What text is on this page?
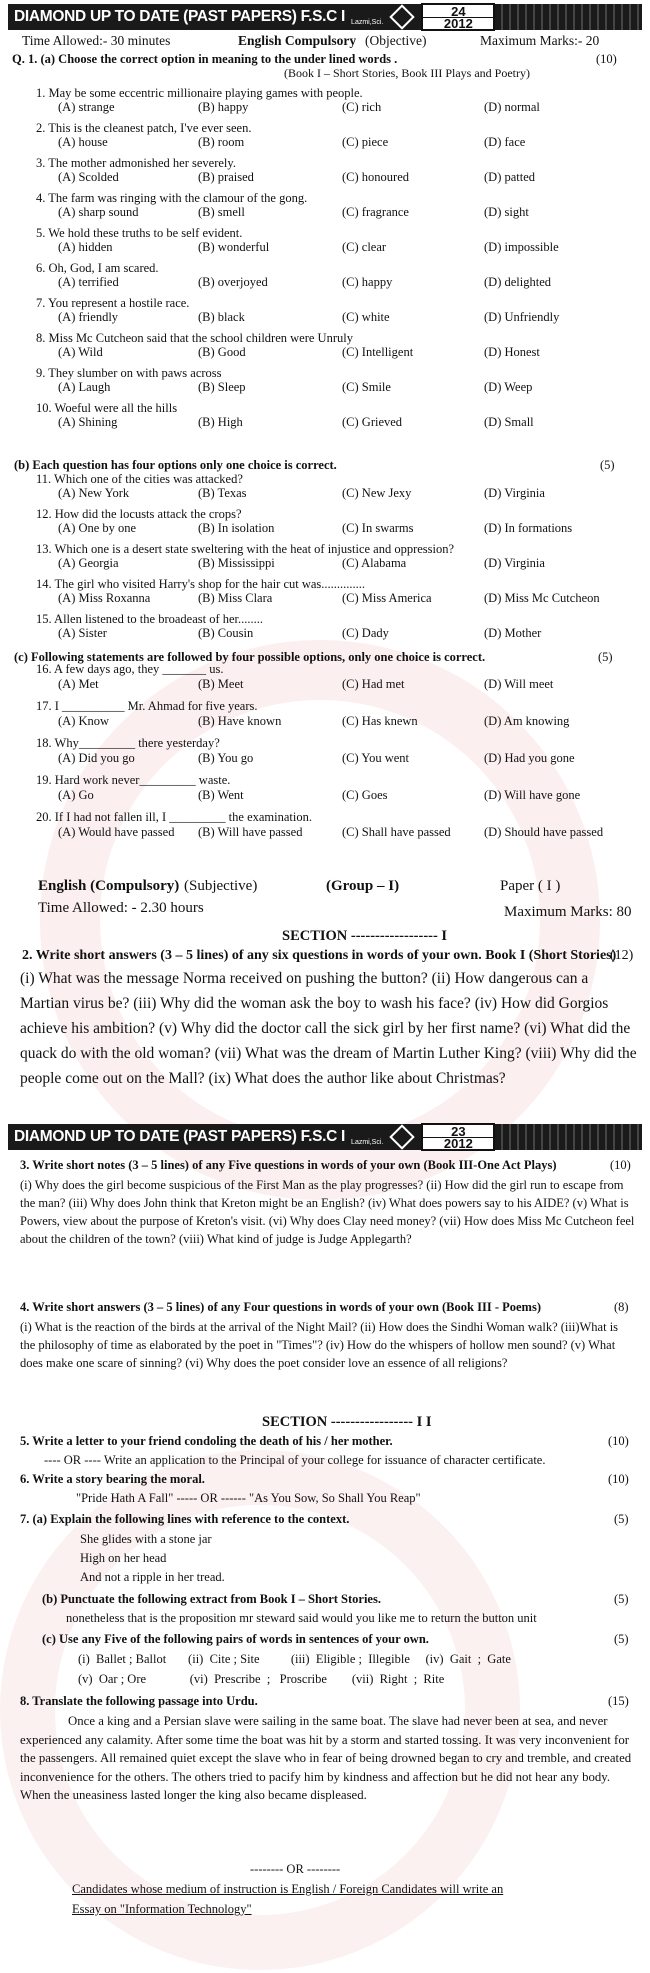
DIAMOND UP TO DATE (PAST PAPERS) F.S.C I Lazmi,Sci.
24
2012
Time Allowed:- 30 minutes	English Compulsory (Objective)	Maximum Marks:- 20
Q. 1. (a) Choose the correct option in meaning to the under lined words .	(10)
(Book I – Short Stories, Book III Plays and Poetry)
1. May be some eccentric millionaire playing games with people.
(A) strange	(B) happy	(C) rich	(D) normal
2. This is the cleanest patch, I've ever seen.
(A) house	(B) room	(C) piece	(D) face
3. The mother admonished her severely.
(A) Scolded	(B) praised	(C) honoured	(D) patted
4. The farm was ringing with the clamour of the gong.
(A) sharp sound	(B) smell	(C) fragrance	(D) sight
5. We hold these truths to be self evident.
(A) hidden	(B) wonderful	(C) clear	(D) impossible
6. Oh, God, I am scared.
(A) terrified	(B) overjoyed	(C) happy	(D) delighted
7. You represent a hostile race.
(A) friendly	(B) black	(C) white	(D) Unfriendly
8. Miss Mc Cutcheon said that the school children were Unruly
(A) Wild	(B) Good	(C) Intelligent	(D) Honest
9. They slumber on with paws across
(A) Laugh	(B) Sleep	(C) Smile	(D) Weep
10. Woeful were all the hills
(A) Shining	(B) High	(C) Grieved	(D) Small
11. Which one of the cities was attacked?
(A) New York	(B) Texas	(C) New Jexy	(D) Virginia
12. How did the locusts attack the crops?
(A) One by one	(B) In isolation	(C) In swarms	(D) In formations
13. Which one is a desert state sweltering with the heat of injustice and oppression?
(A) Georgia	(B) Mississippi	(C) Alabama	(D) Virginia
14. The girl who visited Harry's shop for the hair cut was..............
(A) Miss Roxanna	(B) Miss Clara	(C) Miss America	(D) Miss Mc Cutcheon
15. Allen listened to the broadeast of her........
(A) Sister	(B) Cousin	(C) Dady	(D) Mother
16. A few days ago, they _______ us.
(A) Met	(B) Meet	(C) Had met	(D) Will meet
17. I __________ Mr. Ahmad for five years.
(A) Know	(B) Have known	(C) Has knewn	(D) Am knowing
18. Why_________ there yesterday?
(A) Did you go	(B) You go	(C) You went	(D) Had you gone
19. Hard work never_________ waste.
(A) Go	(B) Went	(C) Goes	(D) Will have gone
20. If I had not fallen ill, I _________ the examination.
(A) Would have passed (B) Will have passed	(C) Shall have passed	(D) Should have passed
(b) Each question has four options only one choice is correct.	(5)
(c) Following statements are followed by four possible options, only one choice is correct.	(5)
English (Compulsory) (Subjective)	(Group – I)	Paper ( I )
Time Allowed: - 2.30 hours	Maximum Marks: 80
SECTION ------------------ I
2. Write short answers (3 – 5 lines) of any six questions in words of your own. Book I (Short Stories)
(12)
(i) What was the message Norma received on pushing the button? (ii) How dangerous can a Martian virus be? (iii) Why did the woman ask the boy to wash his face? (iv) How did Gorgios achieve his ambition? (v) Why did the doctor call the sick girl by her first name? (vi) What did the quack do with the old woman? (vii) What was the dream of Martin Luther King? (viii) Why did the people come out on the Mall? (ix) What does the author like about Christmas?
DIAMOND UP TO DATE (PAST PAPERS) F.S.C I Lazmi,Sci.
23
2012
3. Write short notes (3 – 5 lines) of any Five questions in words of your own (Book III-One Act Plays)	(10)
(i) Why does the girl become suspicious of the First Man as the play progresses? (ii) How did the girl run to escape from the man? (iii) Why does John think that Kreton might be an English? (iv) What does powers say to his AIDE? (v) What is Powers, view about the purpose of Kreton's visit. (vi) Why does Clay need money? (vii) How does Miss Mc Cutcheon feel about the children of the town? (viii) What kind of judge is Judge Applegarth?
4. Write short answers (3 – 5 lines) of any Four questions in words of your own (Book III - Poems)	(8)
(i) What is the reaction of the birds at the arrival of the Night Mail? (ii) How does the Sindhi Woman walk? (iii)What is the philosophy of time as elaborated by the poet in "Times"? (iv) How do the whispers of hollow men sound? (v) What does make one scare of sinning? (vi) Why does the poet consider love an essence of all religions?
SECTION ----------------- I I
5. Write a letter to your friend condoling the death of his / her mother.	(10)
---- OR ---- Write an application to the Principal of your college for issuance of character certificate.
6. Write a story bearing the moral.	(10)
"Pride Hath A Fall" ----- OR ------ "As You Sow, So Shall You Reap"
7. (a) Explain the following lines with reference to the context.	(5)
She glides with a stone jar
High on her head
And not a ripple in her tread.
(b) Punctuate the following extract from Book I – Short Stories.	(5)
nonetheless that is the proposition mr steward said would you like me to return the button unit
(c) Use any Five of the following pairs of words in sentences of your own.	(5)
(i)  Ballet ; Ballot       (ii)  Cite ; Site          (iii)  Eligible ;  Illegible     (iv)  Gait  ;  Gate
(v)  Oar ; Ore              (vi)  Prescribe  ;   Proscribe        (vii)  Right  ;  Rite
8. Translate the following passage into Urdu.	(15)
Once a king and a Persian slave were sailing in the same boat. The slave had never been at sea, and never experienced any calamity. After some time the boat was hit by a storm and started tossing. It was very inconvenient for the passengers. All remained quiet except the slave who in fear of being drowned began to cry and tremble, and created inconvenience for the others. The others tried to pacify him by kindness and affection but he did not hear any body. When the uneasiness lasted longer the king also became displeased.
-------- OR --------
Candidates whose medium of instruction is English / Foreign Candidates will write an
Essay on "Information Technology"
